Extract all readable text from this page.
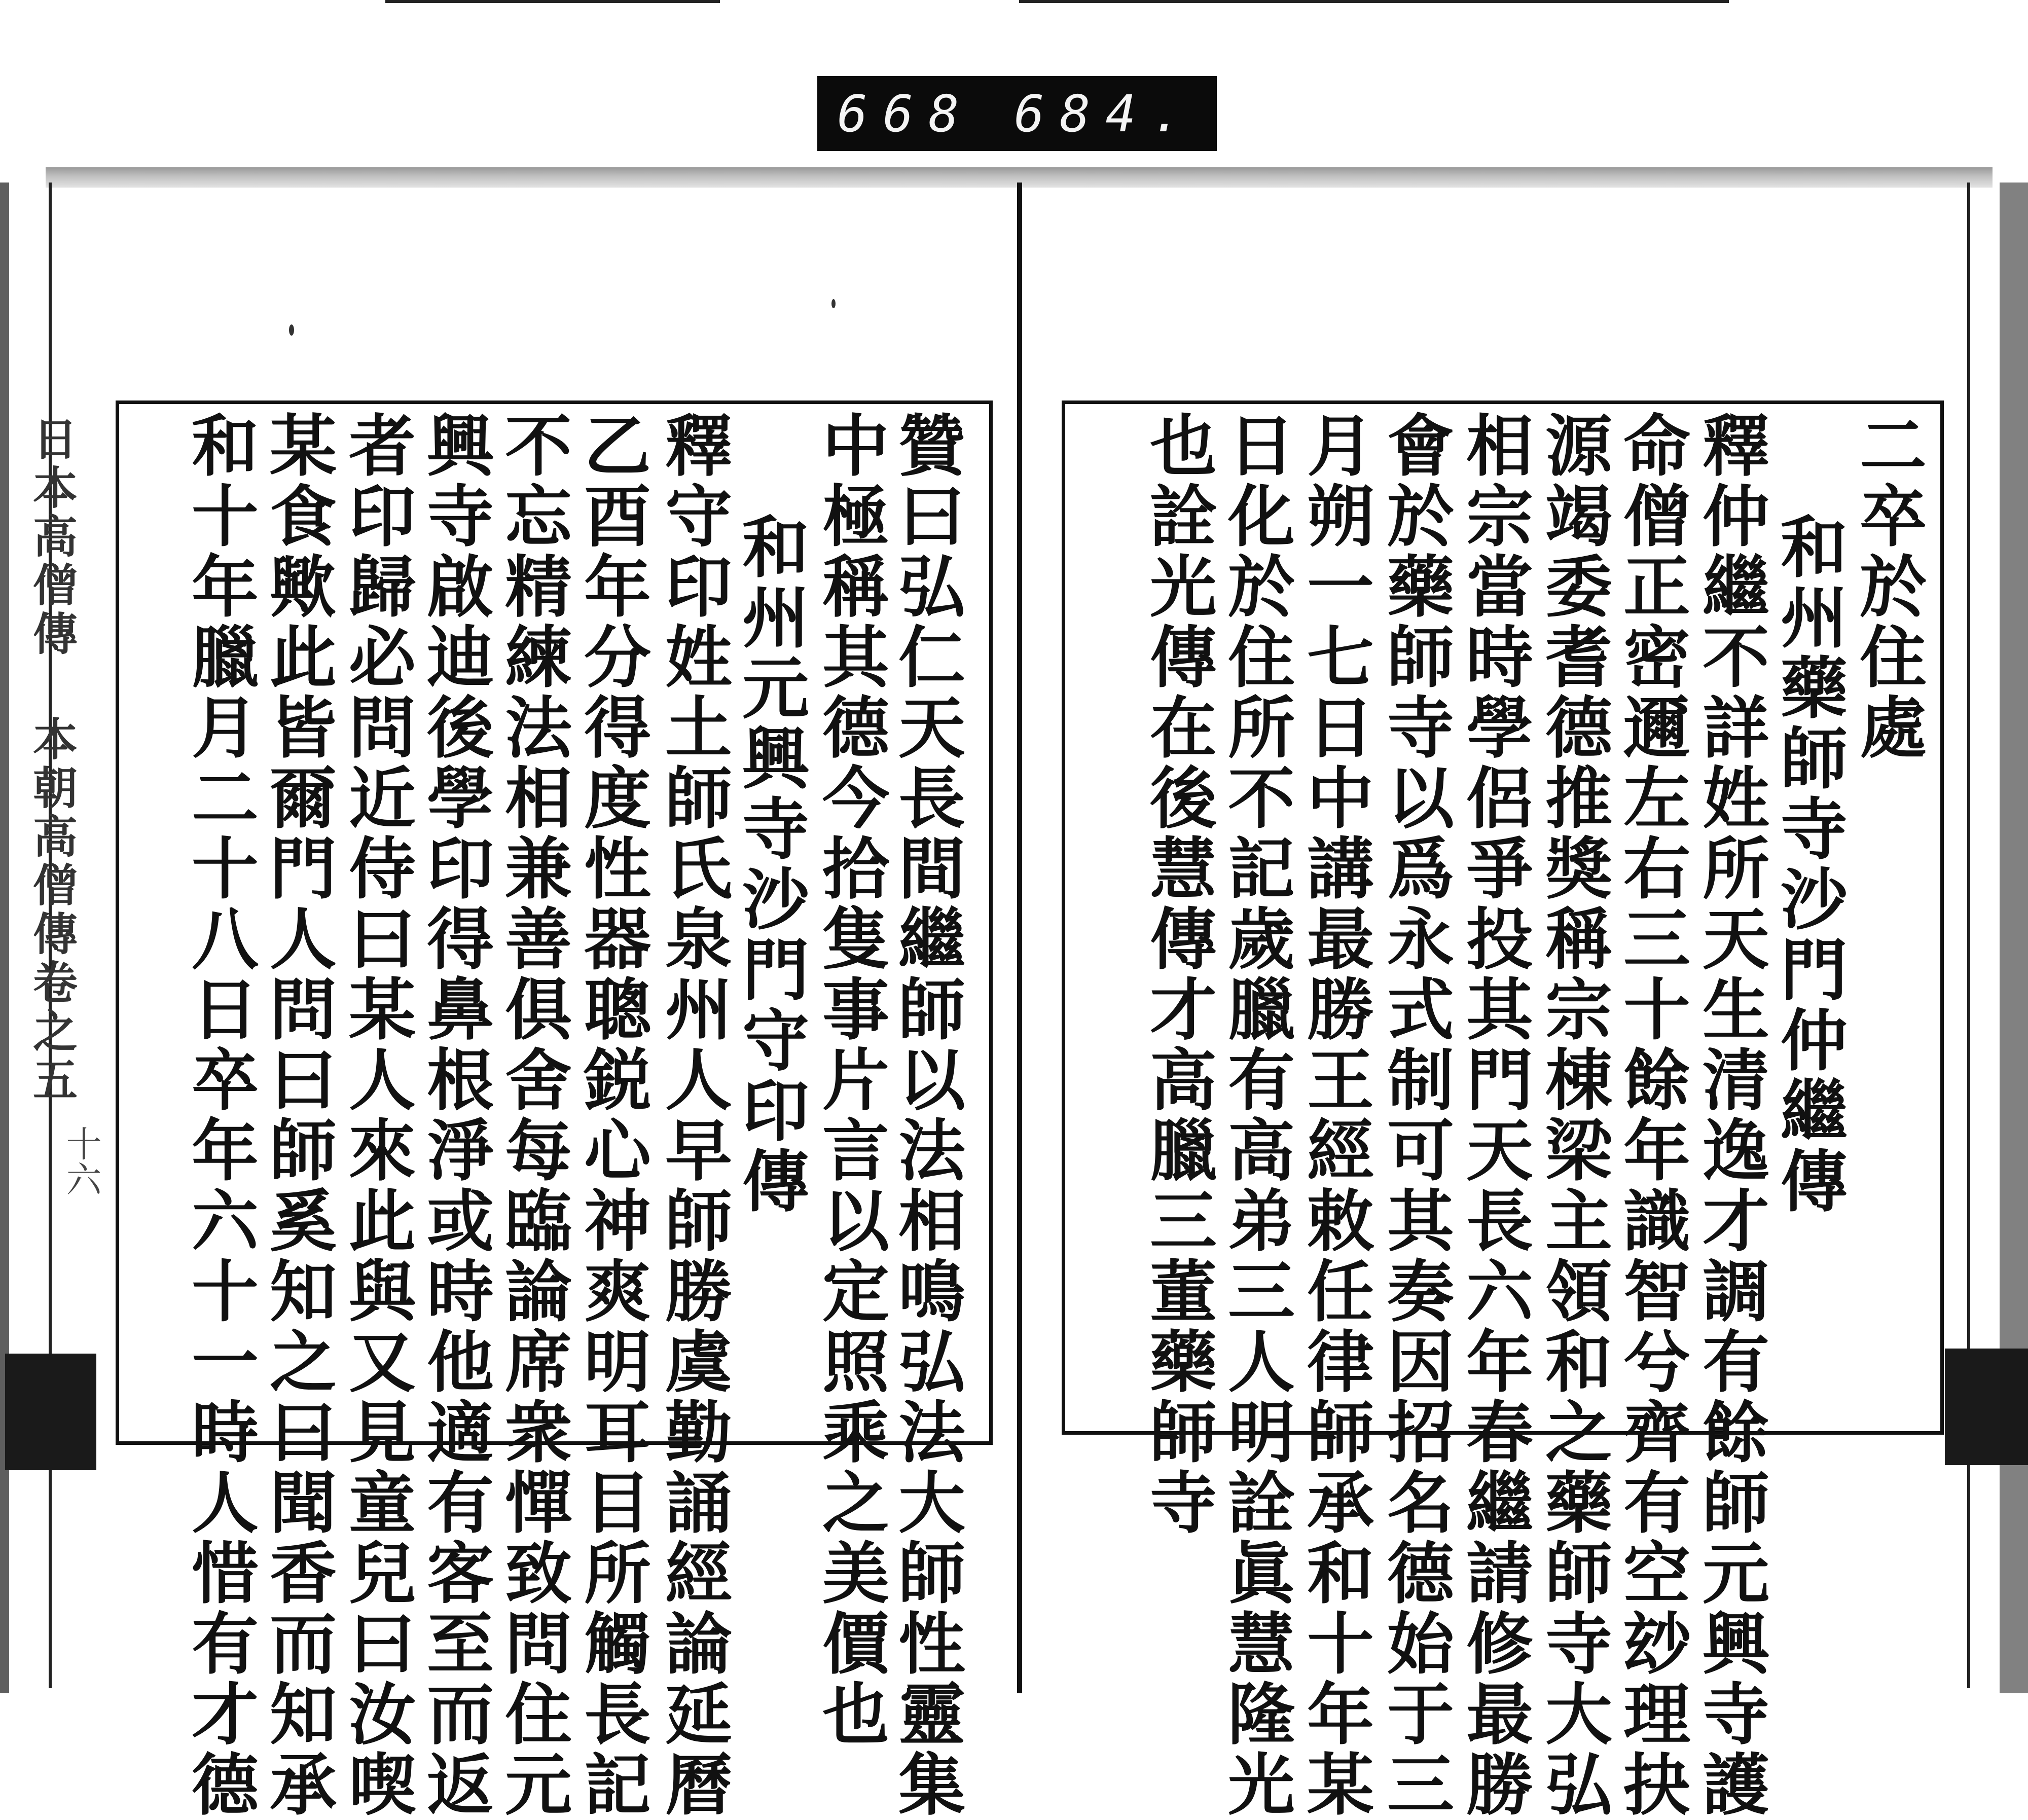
668 684.
日本高僧傳 本朝高僧傳卷之五
十六	贊曰弘仁天長間繼師以法相鳴弘法大師性靈集
中極稱其德今拾隻事片言以定照乘之美價也
和州元興寺沙門守印傳
釋守印姓土師氏泉州人早師勝虞勤誦經論延曆
乙酉年分得度性器聰鋭心神爽明耳目所觸長記
不忘精練法相兼善俱舍每臨論席衆憚致問住元
興寺啟迪後學印得鼻根淨或時他適有客至而返
者印歸必問近侍曰某人來此與又見童兒曰汝喫
某食歟此皆爾門人問曰師奚知之曰聞香而知承
和十年臘月二十八日卒年六十一時人惜有才德	二卒於住處
和州藥師寺沙門仲繼傳
釋仲繼不詳姓所天生清逸才調有餘師元興寺護
命僧正密邇左右三十餘年識智兮齊有空玅理抉
源竭委耆德推獎稱宗棟梁主領和之藥師寺大弘
相宗當時學侶爭投其門天長六年春繼請修最勝
會於藥師寺以爲永式制可其奏因招名德始于三
月朔一七日中講最勝王經敕任律師承和十年某
日化於住所不記歲臘有高弟三人明詮眞慧隆光
也詮光傳在後慧傳才高臘三董藥師寺
